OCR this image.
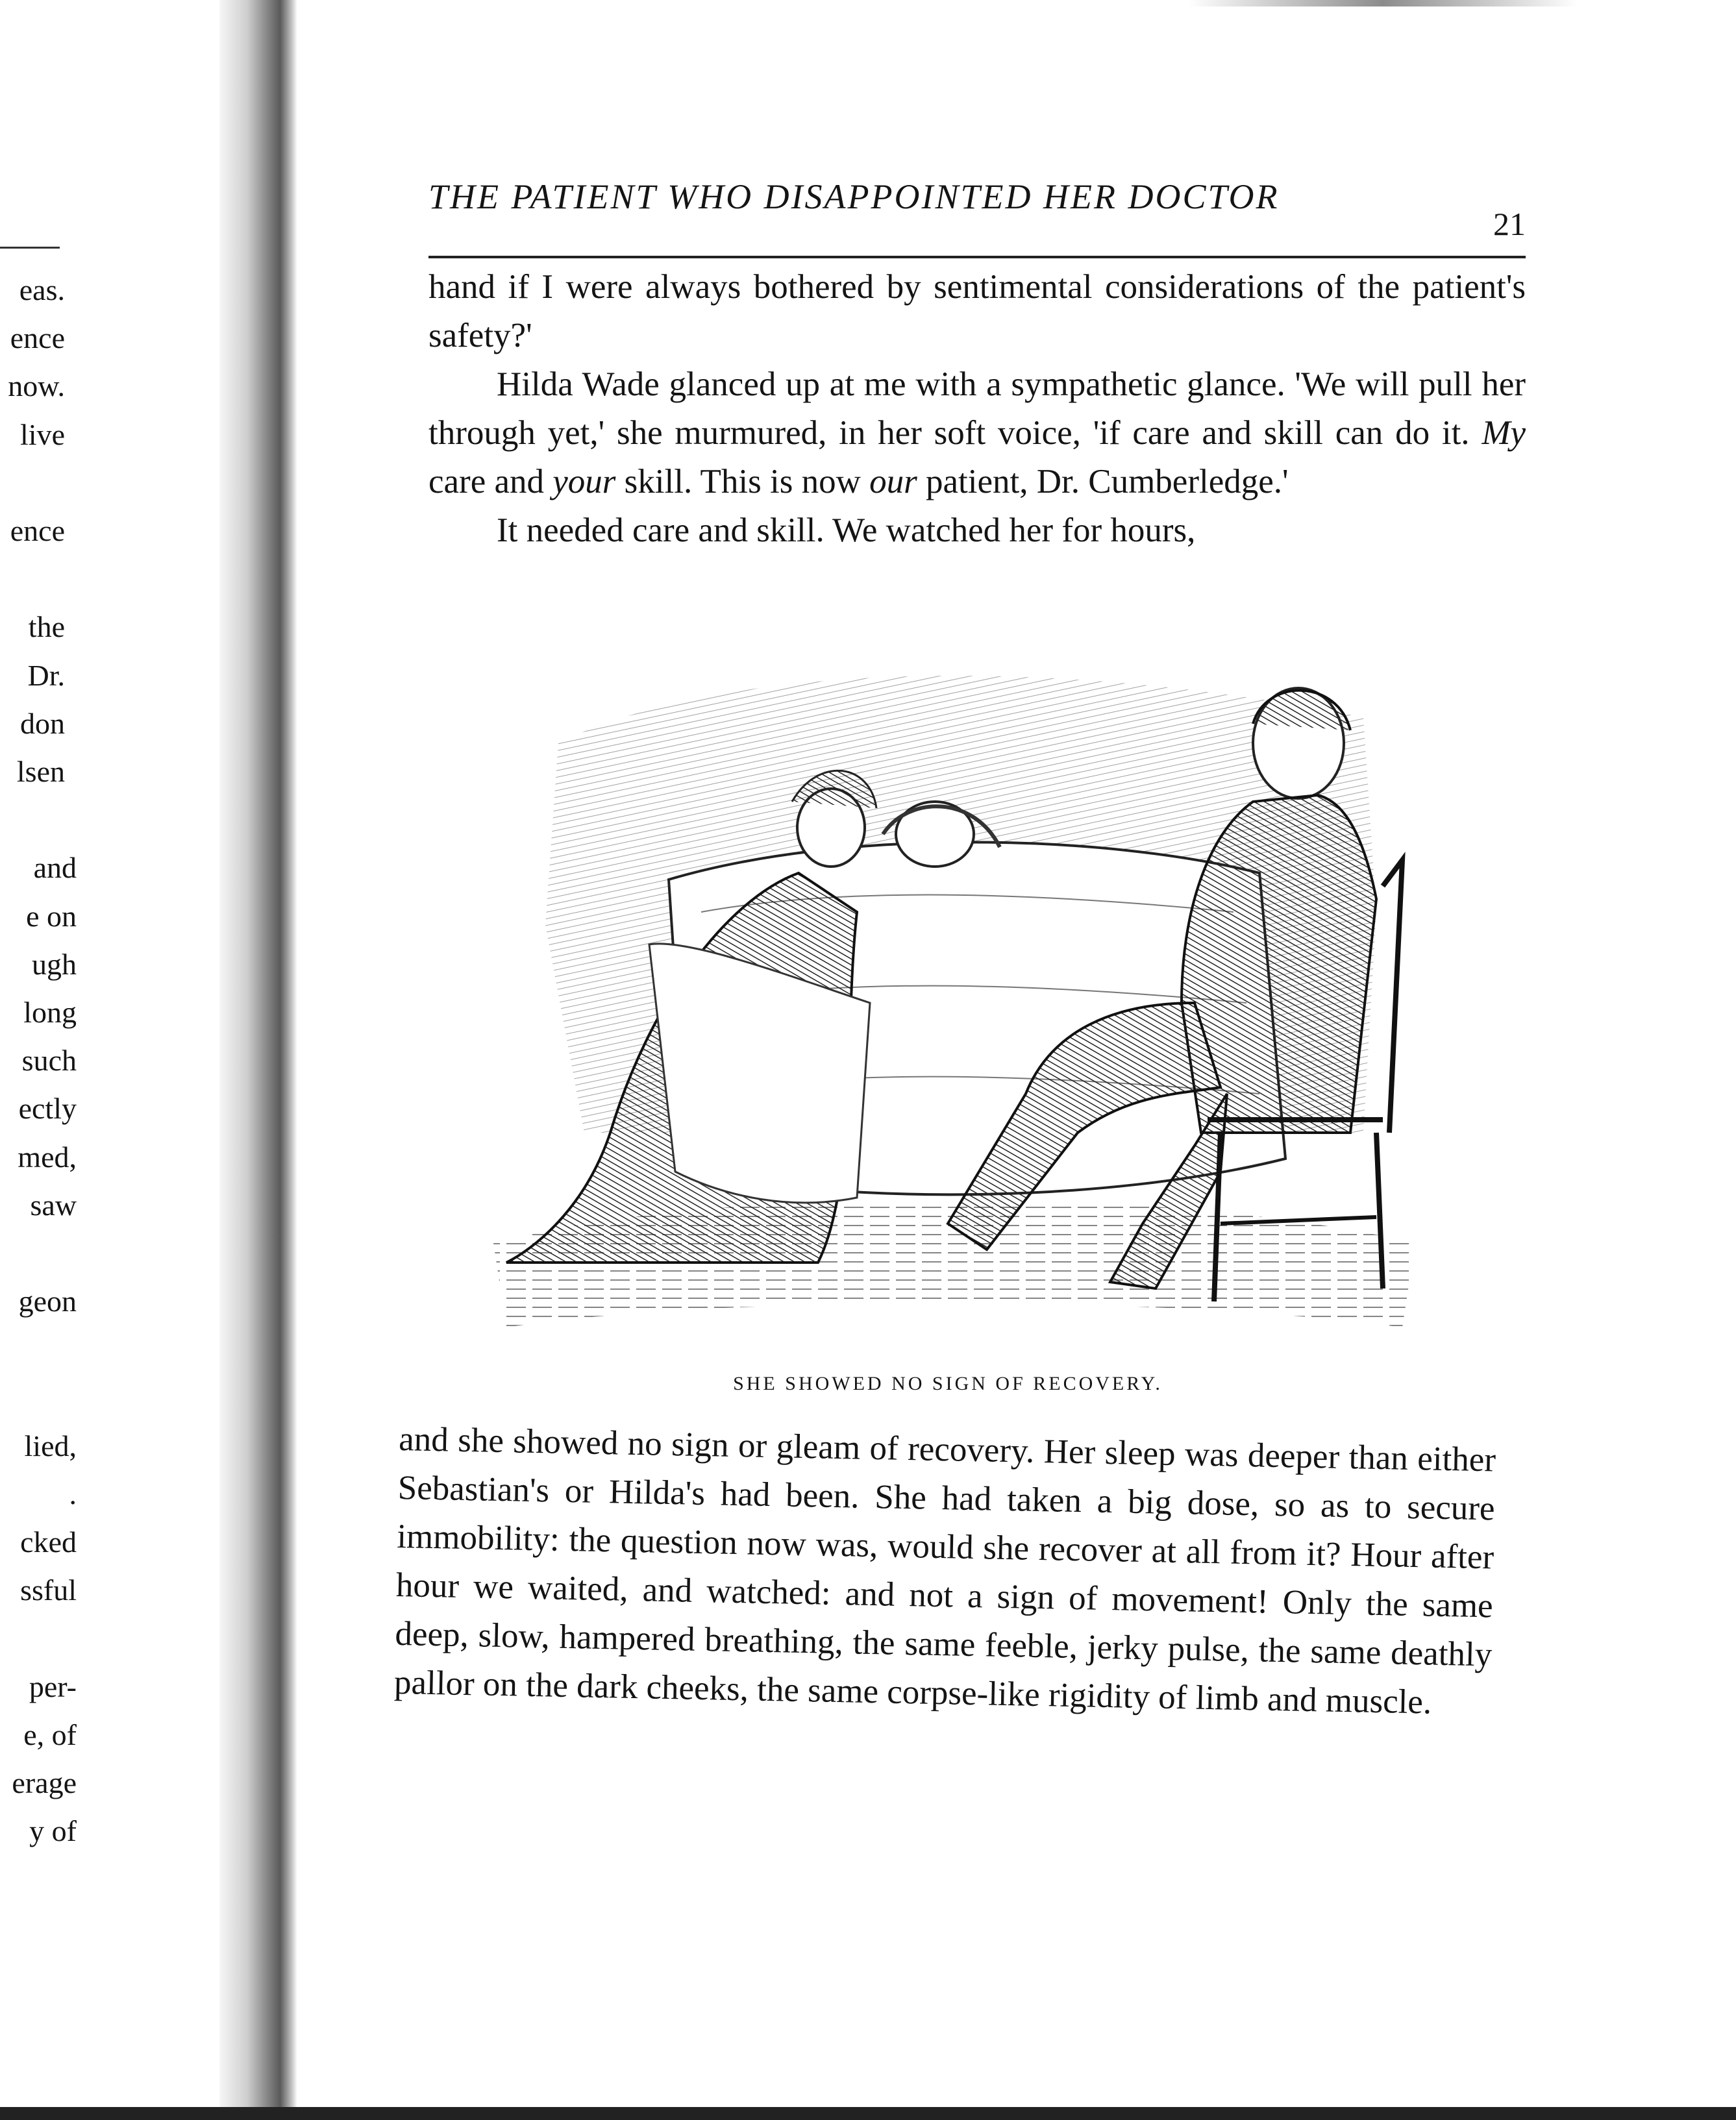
eas.
ence
now.
live
ence
the
Dr.
don
lsen
and
e on
ugh
long
such
ectly
med,
saw
geon
lied,
.
cked
ssful
per-
e, of
erage
y of
THE PATIENT WHO DISAPPOINTED HER DOCTOR
21

hand if I were always bothered by sentimental considerations of the patient's safety?'

Hilda Wade glanced up at me with a sympathetic glance. 'We will pull her through yet,' she murmured, in her soft voice, 'if care and skill can do it. My care and your skill. This is now our patient, Dr. Cumberledge.'

It needed care and skill. We watched her for hours,

SHE SHOWED NO SIGN OF RECOVERY.

and she showed no sign or gleam of recovery. Her sleep was deeper than either Sebastian's or Hilda's had been. She had taken a big dose, so as to secure immobility: the question now was, would she recover at all from it? Hour after hour we waited, and watched: and not a sign of movement! Only the same deep, slow, hampered breathing, the same feeble, jerky pulse, the same deathly pallor on the dark cheeks, the same corpse-like rigidity of limb and muscle.
